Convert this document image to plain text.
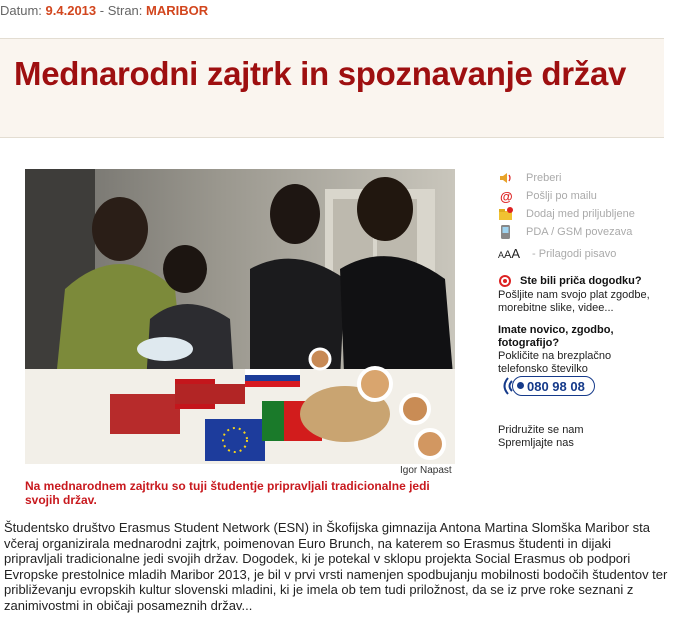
Datum: 9.4.2013 - Stran: MARIBOR
Mednarodni zajtrk in spoznavanje držav
Igor Napast
Na mednarodnem zajtrku so tuji študentje pripravljali tradicionalne jedi svojih držav.
Preberi
@ Pošlji po mailu
Dodaj med priljubljene
PDA / GSM povezava
AAA - Prilagodi pisavo
Ste bili priča dogodku?
Pošljite nam svojo plat zgodbe, morebitne slike, videe...
Imate novico, zgodbo, fotografijo?
Pokličite na brezplačno telefonsko številko
080 98 08
Pridružite se nam
Spremljajte nas
Študentsko društvo Erasmus Student Network (ESN) in Škofijska gimnazija Antona Martina Slomška Maribor sta včeraj organizirala mednarodni zajtrk, poimenovan Euro Brunch, na katerem so Erasmus študenti in dijaki pripravljali tradicionalne jedi svojih držav. Dogodek, ki je potekal v sklopu projekta Social Erasmus ob podpori Evropske prestolnice mladih Maribor 2013, je bil v prvi vrsti namenjen spodbujanju mobilnosti bodočih študentov ter približevanju evropskih kultur slovenski mladini, ki je imela ob tem tudi priložnost, da se iz prve roke seznani z zanimivostmi in običaji posameznih držav...
